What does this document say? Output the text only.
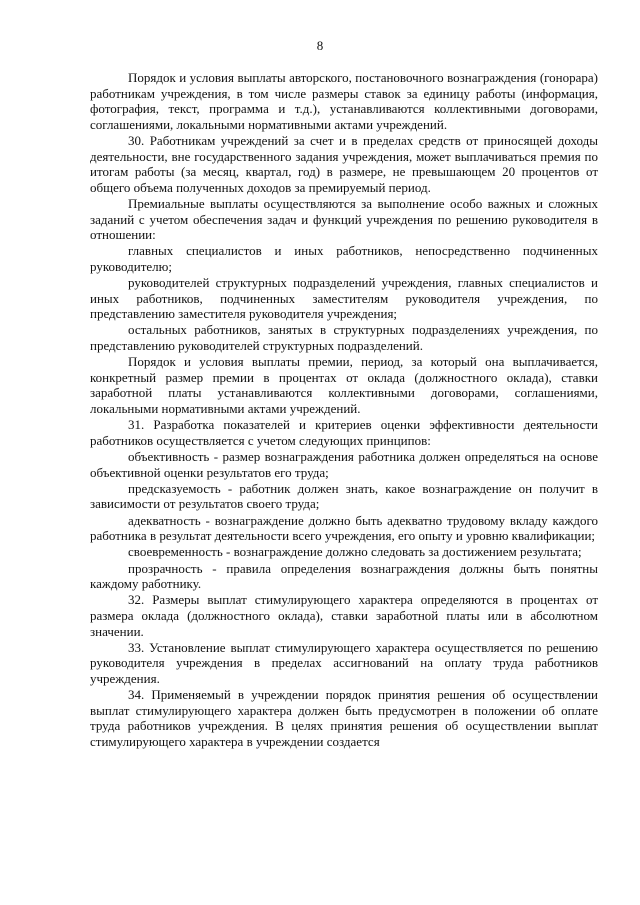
8

Порядок и условия выплаты авторского, постановочного вознаграждения (гонорара) работникам учреждения, в том числе размеры ставок за единицу работы (информация, фотография, текст, программа и т.д.), устанавливаются коллективными договорами, соглашениями, локальными нормативными актами учреждений.

30. Работникам учреждений за счет и в пределах средств от приносящей доходы деятельности, вне государственного задания учреждения, может выплачиваться премия по итогам работы (за месяц, квартал, год) в размере, не превышающем 20 процентов от общего объема полученных доходов за премируемый период.

Премиальные выплаты осуществляются за выполнение особо важных и сложных заданий с учетом обеспечения задач и функций учреждения по решению руководителя в отношении:

главных специалистов и иных работников, непосредственно подчиненных руководителю;

руководителей структурных подразделений учреждения, главных специалистов и иных работников, подчиненных заместителям руководителя учреждения, по представлению заместителя руководителя учреждения;

остальных работников, занятых в структурных подразделениях учреждения, по представлению руководителей структурных подразделений.

Порядок и условия выплаты премии, период, за который она выплачивается, конкретный размер премии в процентах от оклада (должностного оклада), ставки заработной платы устанавливаются коллективными договорами, соглашениями, локальными нормативными актами учреждений.

31. Разработка показателей и критериев оценки эффективности деятельности работников осуществляется с учетом следующих принципов:

объективность - размер вознаграждения работника должен определяться на основе объективной оценки результатов его труда;

предсказуемость - работник должен знать, какое вознаграждение он получит в зависимости от результатов своего труда;

адекватность - вознаграждение должно быть адекватно трудовому вкладу каждого работника в результат деятельности всего учреждения, его опыту и уровню квалификации;

своевременность - вознаграждение должно следовать за достижением результата;

прозрачность - правила определения вознаграждения должны быть понятны каждому работнику.

32. Размеры выплат стимулирующего характера определяются в процентах от размера оклада (должностного оклада), ставки заработной платы или в абсолютном значении.

33. Установление выплат стимулирующего характера осуществляется по решению руководителя учреждения в пределах ассигнований на оплату труда работников учреждения.

34. Применяемый в учреждении порядок принятия решения об осуществлении выплат стимулирующего характера должен быть предусмотрен в положении об оплате труда работников учреждения. В целях принятия решения об осуществлении выплат стимулирующего характера в учреждении создается
